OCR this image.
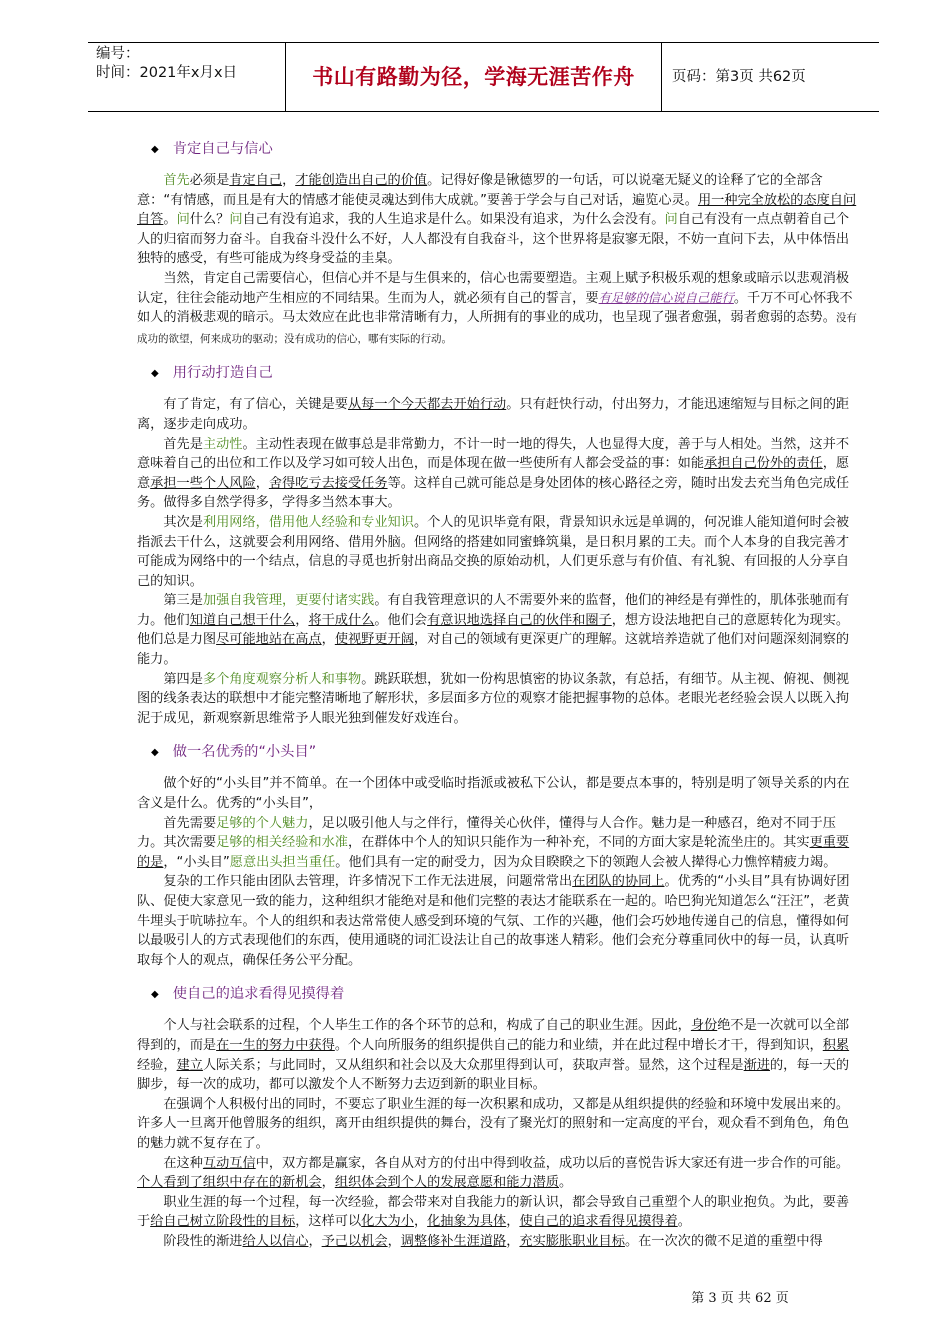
编号：
时间：2021年x月x日	书山有路勤为径，学海无涯苦作舟	页码：第3页 共62页
◆ 肯定自己与信心

　　首先必须是肯定自己，才能创造出自己的价值。记得好像是锹德罗的一句话，可以说毫无疑义的诠释了它的全部含意：“有情感，而且是有大的情感才能使灵魂达到伟大成就。”要善于学会与自己对话，遍览心灵。用一种完全放松的态度自问自答。问什么？问自己有没有追求，我的人生追求是什么。如果没有追求，为什么会没有。问自己有没有一点点朝着自己个人的归宿而努力奋斗。自我奋斗没什么不好，人人都没有自我奋斗，这个世界将是寂寥无限，不妨一直问下去，从中体悟出独特的感受，有些可能成为终身受益的圭臬。

　　当然，肯定自己需要信心，但信心并不是与生俱来的，信心也需要塑造。主观上赋予积极乐观的想象或暗示以悲观消极认定，往往会能动地产生相应的不同结果。生而为人，就必须有自己的誓言，要有足够的信心说自己能行。千万不可心怀我不如人的消极悲观的暗示。马太效应在此也非常清晰有力，人所拥有的事业的成功，也呈现了强者愈强，弱者愈弱的态势。没有成功的欲望，何来成功的驱动；没有成功的信心，哪有实际的行动。

◆ 用行动打造自己

　　有了肯定，有了信心，关键是要从每一个今天都去开始行动。只有赶快行动，付出努力，才能迅速缩短与目标之间的距离，逐步走向成功。

　　首先是主动性。主动性表现在做事总是非常勤力，不计一时一地的得失，人也显得大度，善于与人相处。当然，这并不意味着自己的出位和工作以及学习如可较人出色，而是体现在做一些使所有人都会受益的事：如能承担自己份外的责任，愿意承担一些个人风险，舍得吃亏去接受任务等。这样自己就可能总是身处团体的核心路径之旁，随时出发去充当角色完成任务。做得多自然学得多，学得多当然本事大。

　　其次是利用网络，借用他人经验和专业知识。个人的见识毕竟有限，背景知识永远是单调的，何况谁人能知道何时会被指派去干什么，这就要会利用网络、借用外脑。但网络的搭建如同蜜蜂筑巢，是日积月累的工夫。而个人本身的自我完善才可能成为网络中的一个结点，信息的寻觅也折射出商品交换的原始动机，人们更乐意与有价值、有礼貌、有回报的人分享自己的知识。

　　第三是加强自我管理，更要付诸实践。有自我管理意识的人不需要外来的监督，他们的神经是有弹性的，肌体张驰而有力。他们知道自己想干什么，将干成什么。他们会有意识地选择自己的伙伴和圈子，想方设法地把自己的意愿转化为现实。他们总是力图尽可能地站在高点，使视野更开阔，对自己的领域有更深更广的理解。这就培养造就了他们对问题深刻洞察的能力。

　　第四是多个角度观察分析人和事物。跳跃联想，犹如一份构思慎密的协议条款，有总括，有细节。从主视、俯视、侧视图的线条表达的联想中才能完整清晰地了解形状，多层面多方位的观察才能把握事物的总体。老眼光老经验会误人以既入拘泥于成见，新观察新思维常予人眼光独到催发好戏连台。

◆ 做一名优秀的“小头目”

　　做个好的“小头目”并不简单。在一个团体中或受临时指派或被私下公认，都是要点本事的，特别是明了领导关系的内在含义是什么。优秀的“小头目”，

　　首先需要足够的个人魅力，足以吸引他人与之伴行，懂得关心伙伴，懂得与人合作。魅力是一种感召，绝对不同于压力。其次需要足够的相关经验和水准，在群体中个人的知识只能作为一种补充，不同的方面大家是轮流坐庄的。其实更重要的是，“小头目”愿意出头担当重任。他们具有一定的耐受力，因为众目睽睽之下的领跑人会被人撵得心力憔悴精疲力竭。

　　复杂的工作只能由团队去管理，许多情况下工作无法进展，问题常常出在团队的协同上。优秀的“小头目”具有协调好团队、促使大家意见一致的能力，这种组织才能绝对是和他们完整的表达才能联系在一起的。哈巴狗光知道怎么“汪汪”，老黄牛埋头于吭哧拉车。个人的组织和表达常常使人感受到环境的气氛、工作的兴趣，他们会巧妙地传递自己的信息，懂得如何以最吸引人的方式表现他们的东西，使用通晓的词汇设法让自己的故事迷人精彩。他们会充分尊重同伙中的每一员，认真听取每个人的观点，确保任务公平分配。

◆ 使自己的追求看得见摸得着

　　个人与社会联系的过程，个人毕生工作的各个环节的总和，构成了自己的职业生涯。因此，身份绝不是一次就可以全部得到的，而是在一生的努力中获得。个人向所服务的组织提供自己的能力和业绩，并在此过程中增长才干，得到知识，积累经验，建立人际关系；与此同时，又从组织和社会以及大众那里得到认可，获取声誉。显然，这个过程是渐进的，每一天的脚步，每一次的成功，都可以激发个人不断努力去迈到新的职业目标。

　　在强调个人积极付出的同时，不要忘了职业生涯的每一次积累和成功，又都是从组织提供的经验和环境中发展出来的。许多人一旦离开他曾服务的组织，离开由组织提供的舞台，没有了聚光灯的照射和一定高度的平台，观众看不到角色，角色的魅力就不复存在了。

　　在这种互动互信中，双方都是赢家，各自从对方的付出中得到收益，成功以后的喜悦告诉大家还有进一步合作的可能。个人看到了组织中存在的新机会，组织体会到个人的发展意愿和能力潜质。

　　职业生涯的每一个过程，每一次经验，都会带来对自我能力的新认识，都会导致自己重塑个人的职业抱负。为此，要善于给自己树立阶段性的目标，这样可以化大为小，化抽象为具体，使自己的追求看得见摸得着。

　　阶段性的渐进给人以信心，予己以机会，调整修补生涯道路，充实膨胀职业目标。在一次次的微不足道的重塑中得

第 3 页 共 62 页
